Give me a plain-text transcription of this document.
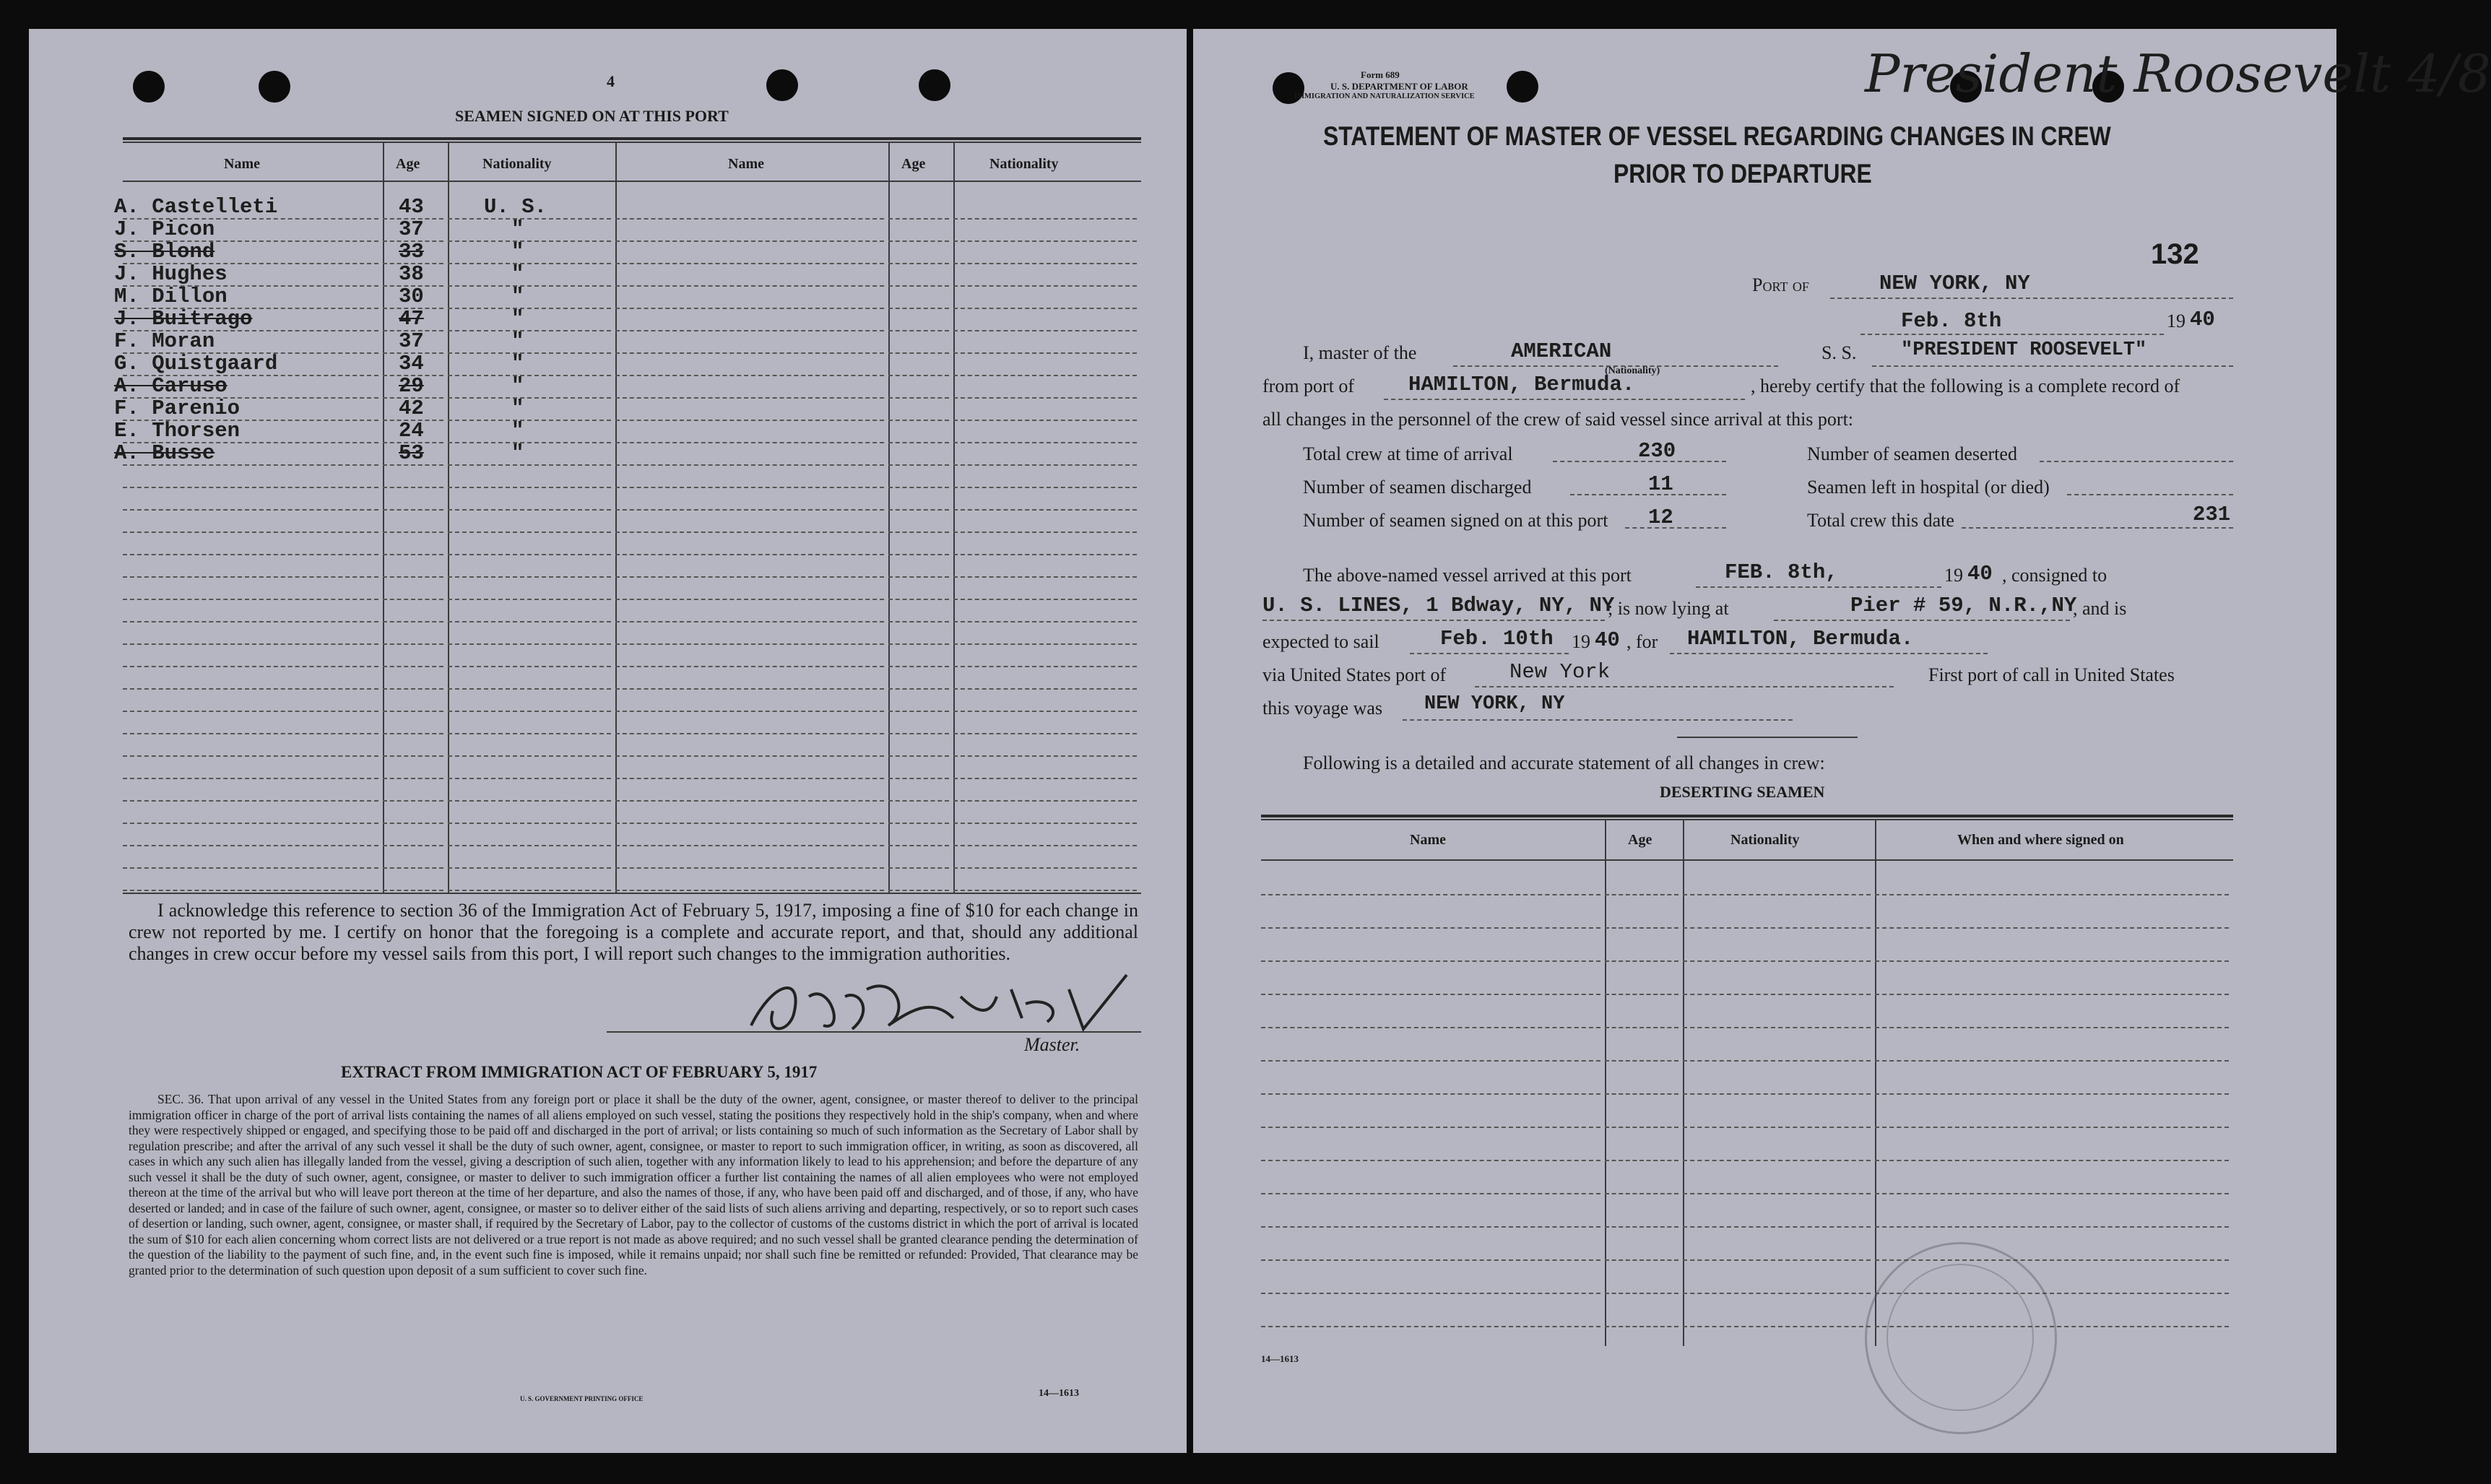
4
SEAMEN SIGNED ON AT THIS PORT
Name	Age	Nationality	Name	Age	Nationality
A. Castelleti	43	U. S.
J. Picon	37	"
S. Blond	33	"
J. Hughes	38	"
M. Dillon	30	"
J. Buitrago	47	"
F. Moran	37	"
G. Quistgaard	34	"
A. Caruso	29	"
F. Parenio	42	"
E. Thorsen	24	"
A. Busse	53	"
I acknowledge this reference to section 36 of the Immigration Act of February 5, 1917, imposing a fine of $10 for each change in crew not reported by me. I certify on honor that the foregoing is a complete and accurate report, and that, should any additional changes in crew occur before my vessel sails from this port, I will report such changes to the immigration authorities.
Master.
EXTRACT FROM IMMIGRATION ACT OF FEBRUARY 5, 1917
SEC. 36. That upon arrival of any vessel in the United States from any foreign port or place it shall be the duty of the owner, agent, consignee, or master thereof to deliver to the principal immigration officer in charge of the port of arrival lists containing the names of all aliens employed on such vessel, stating the positions they respectively hold in the ship's company, when and where they were respectively shipped or engaged, and specifying those to be paid off and discharged in the port of arrival; or lists containing so much of such information as the Secretary of Labor shall by regulation prescribe; and after the arrival of any such vessel it shall be the duty of such owner, agent, consignee, or master to report to such immigration officer, in writing, as soon as discovered, all cases in which any such alien has illegally landed from the vessel, giving a description of such alien, together with any information likely to lead to his apprehension; and before the departure of any such vessel it shall be the duty of such owner, agent, consignee, or master to deliver to such immigration officer a further list containing the names of all alien employees who were not employed thereon at the time of the arrival but who will leave port thereon at the time of her departure, and also the names of those, if any, who have been paid off and discharged, and of those, if any, who have deserted or landed; and in case of the failure of such owner, agent, consignee, or master so to deliver either of the said lists of such aliens arriving and departing, respectively, or so to report such cases of desertion or landing, such owner, agent, consignee, or master shall, if required by the Secretary of Labor, pay to the collector of customs of the customs district in which the port of arrival is located the sum of $10 for each alien concerning whom correct lists are not delivered or a true report is not made as above required; and no such vessel shall be granted clearance pending the determination of the question of the liability to the payment of such fine, and, in the event such fine is imposed, while it remains unpaid; nor shall such fine be remitted or refunded: Provided, That clearance may be granted prior to the determination of such question upon deposit of a sum sufficient to cover such fine.
U. S. GOVERNMENT PRINTING OFFICE	14—1613
Form 689
U. S. DEPARTMENT OF LABOR
IMMIGRATION AND NATURALIZATION SERVICE	President Roosevelt 4/8
STATEMENT OF MASTER OF VESSEL REGARDING CHANGES IN CREW
PRIOR TO DEPARTURE
132
Port of	NEW YORK, NY
Feb. 8th	19 40
I, master of the	AMERICAN
(Nationality)
S. S. "PRESIDENT ROOSEVELT"
from port of	HAMILTON, Bermuda.	, hereby certify that the following is a complete record of
all changes in the personnel of the crew of said vessel since arrival at this port:
Total crew at time of arrival	230	Number of seamen deserted
Number of seamen discharged	11	Seamen left in hospital (or died)
Number of seamen signed on at this port 12	Total crew this date	231
The above-named vessel arrived at this port	FEB. 8th,	19 40 , consigned to
U. S. LINES, 1 Bdway, NY, NY
; is now lying at	Pier # 59, N.R.,NY
, and is
expected to sail	Feb. 10th 19 40 , for HAMILTON, Bermuda.
via United States port of	New York	First port of call in United States
this voyage was NEW YORK, NY
Following is a detailed and accurate statement of all changes in crew:
DESERTING SEAMEN
Name	Age	Nationality	When and where signed on
14—1613
